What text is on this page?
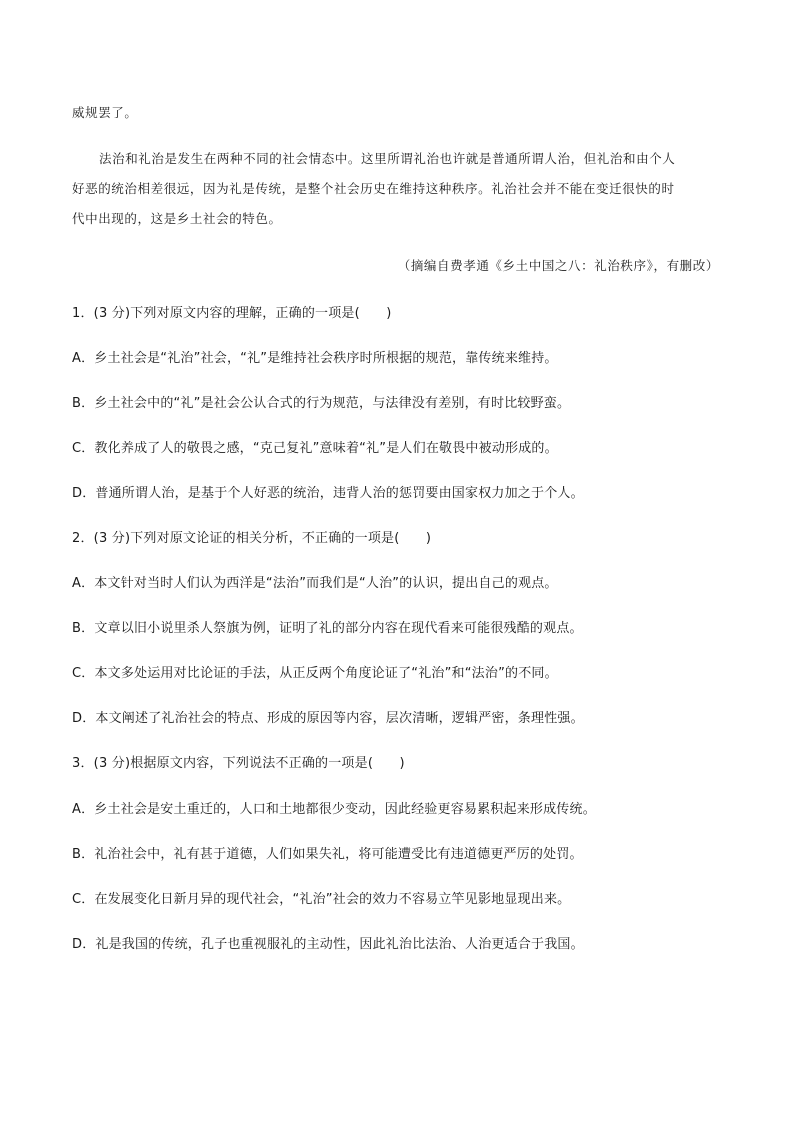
威规罢了。
法治和礼治是发生在两种不同的社会情态中。这里所谓礼治也许就是普通所谓人治，但礼治和由个人
好恶的统治相差很远，因为礼是传统，是整个社会历史在维持这种秩序。礼治社会并不能在变迁很快的时
代中出现的，这是乡土社会的特色。
（摘编自费孝通《乡土中国之八：礼治秩序》，有删改）
1．(3 分)下列对原文内容的理解，正确的一项是(　　)
A．乡土社会是“礼治”社会，“礼”是维持社会秩序时所根据的规范，靠传统来维持。
B．乡土社会中的“礼”是社会公认合式的行为规范，与法律没有差别，有时比较野蛮。
C．教化养成了人的敬畏之感，“克己复礼”意味着“礼”是人们在敬畏中被动形成的。
D．普通所谓人治，是基于个人好恶的统治，违背人治的惩罚要由国家权力加之于个人。
2．(3 分)下列对原文论证的相关分析，不正确的一项是(　　)
A．本文针对当时人们认为西洋是“法治”而我们是“人治”的认识，提出自己的观点。
B．文章以旧小说里杀人祭旗为例，证明了礼的部分内容在现代看来可能很残酷的观点。
C．本文多处运用对比论证的手法，从正反两个角度论证了“礼治”和“法治”的不同。
D．本文阐述了礼治社会的特点、形成的原因等内容，层次清晰，逻辑严密，条理性强。
3．(3 分)根据原文内容，下列说法不正确的一项是(　　)
A．乡土社会是安土重迁的，人口和土地都很少变动，因此经验更容易累积起来形成传统。
B．礼治社会中，礼有甚于道德，人们如果失礼，将可能遭受比有违道德更严厉的处罚。
C．在发展变化日新月异的现代社会，“礼治”社会的效力不容易立竿见影地显现出来。
D．礼是我国的传统，孔子也重视服礼的主动性，因此礼治比法治、人治更适合于我国。
